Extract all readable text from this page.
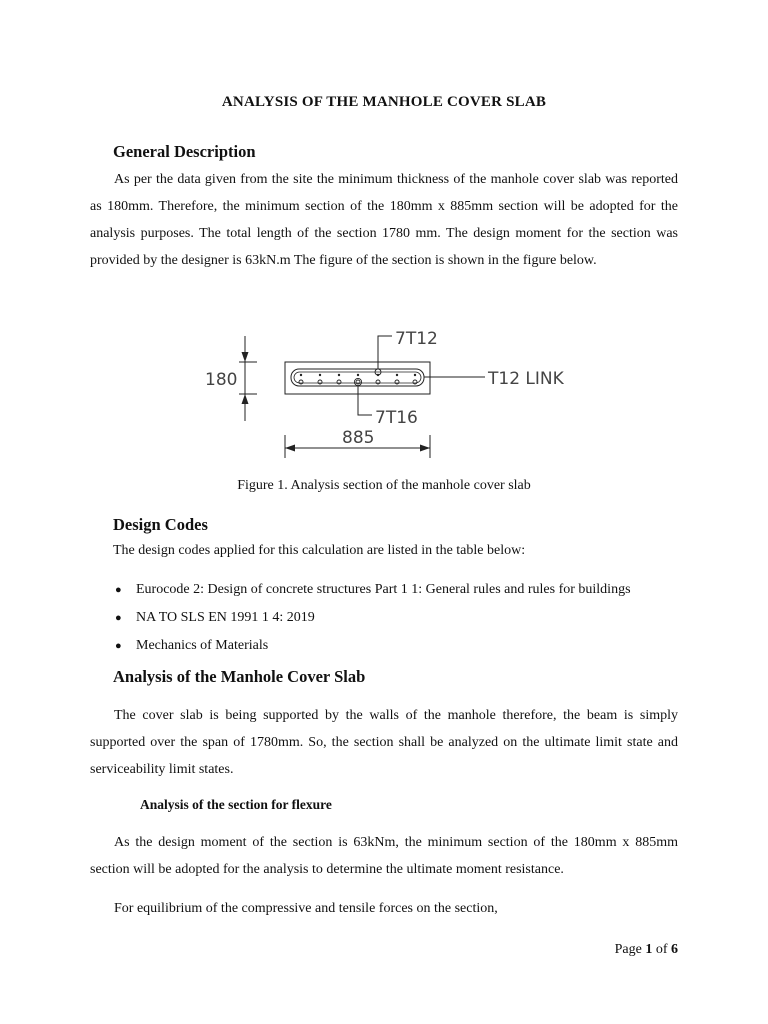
ANALYSIS OF THE MANHOLE COVER SLAB
General Description

As per the data given from the site the minimum thickness of the manhole cover slab was reported as 180mm. Therefore, the minimum section of the 180mm x 885mm section will be adopted for the analysis purposes. The total length of the section 1780 mm. The design moment for the section was provided by the designer is 63kN.m The figure of the section is shown in the figure below.

180
7T12
7T16
T12 LINK
885
Figure 1. Analysis section of the manhole cover slab
Design Codes

The design codes applied for this calculation are listed in the table below:

● Eurocode 2: Design of concrete structures Part 1 1: General rules and rules for buildings
● NA TO SLS EN 1991 1 4: 2019
● Mechanics of Materials
Analysis of the Manhole Cover Slab

The cover slab is being supported by the walls of the manhole therefore, the beam is simply supported over the span of 1780mm. So, the section shall be analyzed on the ultimate limit state and serviceability limit states.

Analysis of the section for flexure

As the design moment of the section is 63kNm, the minimum section of the 180mm x 885mm section will be adopted for the analysis to determine the ultimate moment resistance.

For equilibrium of the compressive and tensile forces on the section,

Page 1 of 6
